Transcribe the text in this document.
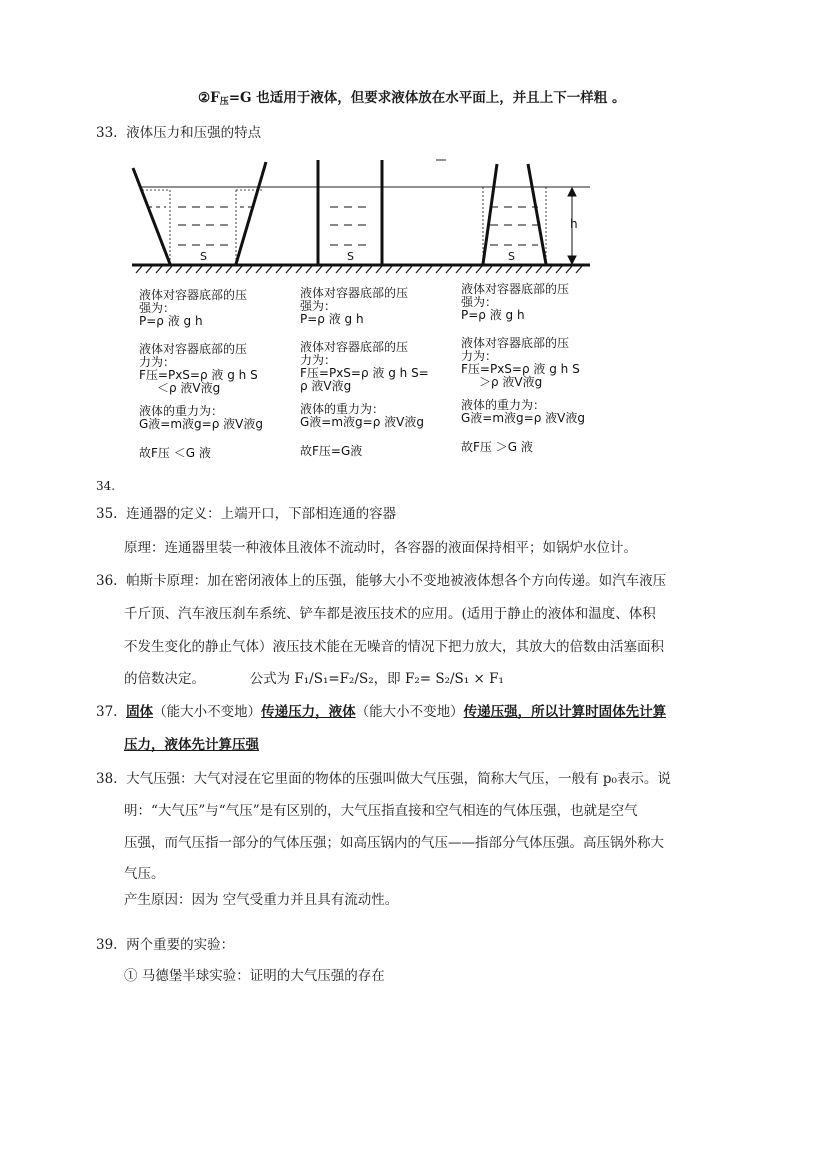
$②F_压=G$ 也适用于液体，但要求液体放在水平面上，并且上下一样粗 。
33. 液体压力和压强的特点
h
S	S	S
液体对容器底部的压
强为：
P=ρ 液 g h
液体对容器底部的压
力为：
F压=PxS=ρ 液 g h S
＜ρ 液V液g
液体的重力为：
G液=m液g=ρ 液V液g
故F压 ＜G 液
液体对容器底部的压
强为：
P=ρ 液 g h
液体对容器底部的压
力为：
F压=PxS=ρ 液 g h S=
ρ 液V液g
液体的重力为：
G液=m液g=ρ 液V液g
故F压=G液
液体对容器底部的压
强为：
P=ρ 液 g h
液体对容器底部的压
力为：
F压=PxS=ρ 液 g h S
＞ρ 液V液g
液体的重力为：
G液=m液g=ρ 液V液g
故F压 ＞G 液
34.
35. 连通器的定义：上端开口，下部相连通的容器
原理：连通器里装一种液体且液体不流动时，各容器的液面保持相平；如锅炉水位计。
36. 帕斯卡原理：加在密闭液体上的压强，能够大小不变地被液体想各个方向传递。如汽车液压
千斤顶、汽车液压刹车系统、铲车都是液压技术的应用。(适用于静止的液体和温度、体积
不发生变化的静止气体）液压技术能在无噪音的情况下把力放大，其放大的倍数由活塞面积
的倍数决定。	公式为 F₁/S₁=F₂/S₂，即 F₂= S₂/S₁ × F₁
37. 固体（能大小不变地）传递压力，液体（能大小不变地）传递压强，所以计算时固体先计算
压力，液体先计算压强
38. 大气压强：大气对浸在它里面的物体的压强叫做大气压强，简称大气压，一般有 p₀表示。说
明：“大气压”与“气压”是有区别的，大气压指直接和空气相连的气体压强，也就是空气
压强，而气压指一部分的气体压强；如高压锅内的气压——指部分气体压强。高压锅外称大
气压。
产生原因：因为 空气受重力并且具有流动性。
39. 两个重要的实验：
① 马德堡半球实验：证明的大气压强的存在
